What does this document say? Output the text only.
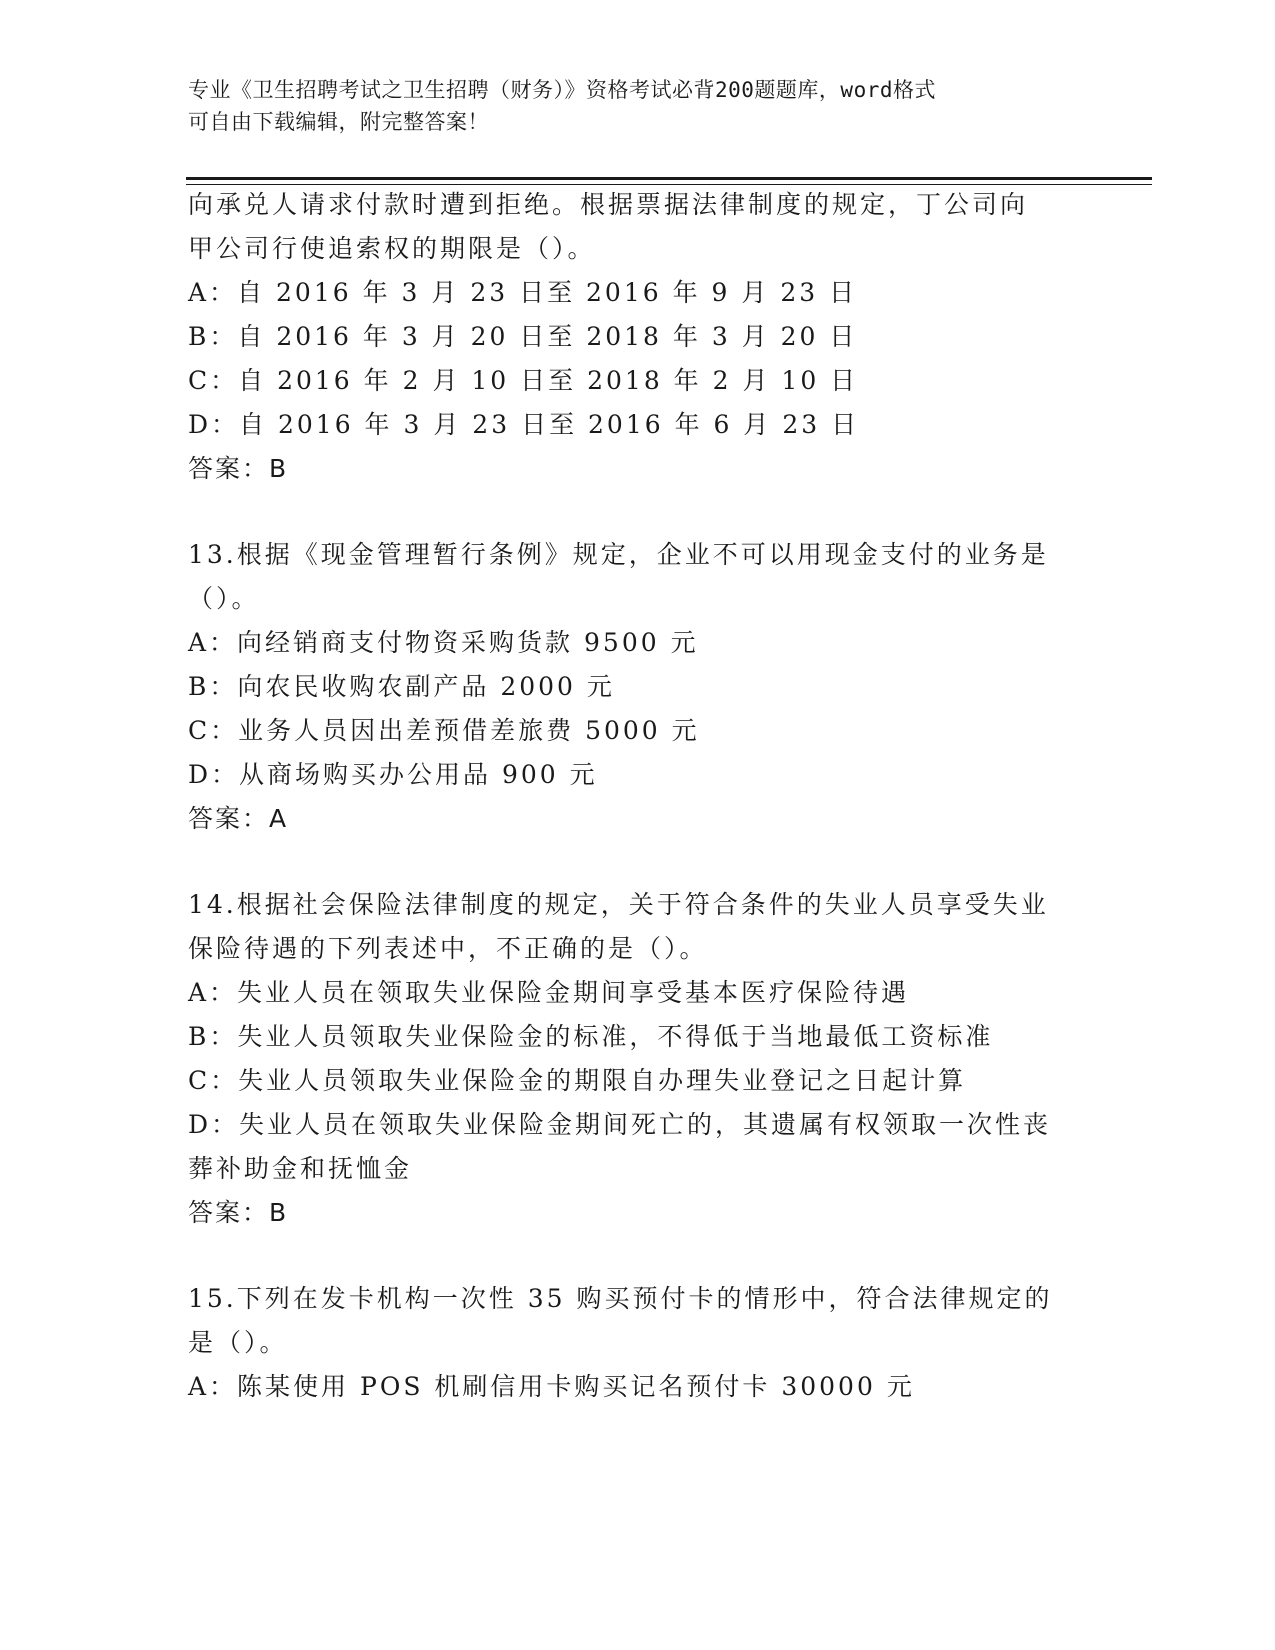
专业《卫生招聘考试之卫生招聘（财务）》资格考试必背200题题库，word格式
可自由下载编辑，附完整答案！
向承兑人请求付款时遭到拒绝。根据票据法律制度的规定，丁公司向
甲公司行使追索权的期限是（）。
A：自 2016 年 3 月 23 日至 2016 年 9 月 23 日
B：自 2016 年 3 月 20 日至 2018 年 3 月 20 日
C：自 2016 年 2 月 10 日至 2018 年 2 月 10 日
D：自 2016 年 3 月 23 日至 2016 年 6 月 23 日
答案：B
13.根据《现金管理暂行条例》规定，企业不可以用现金支付的业务是
（）。
A：向经销商支付物资采购货款 9500 元
B：向农民收购农副产品 2000 元
C：业务人员因出差预借差旅费 5000 元
D：从商场购买办公用品 900 元
答案：A
14.根据社会保险法律制度的规定，关于符合条件的失业人员享受失业
保险待遇的下列表述中，不正确的是（）。
A：失业人员在领取失业保险金期间享受基本医疗保险待遇
B：失业人员领取失业保险金的标准，不得低于当地最低工资标准
C：失业人员领取失业保险金的期限自办理失业登记之日起计算
D：失业人员在领取失业保险金期间死亡的，其遗属有权领取一次性丧
葬补助金和抚恤金
答案：B
15.下列在发卡机构一次性 35 购买预付卡的情形中，符合法律规定的
是（）。
A：陈某使用 POS 机刷信用卡购买记名预付卡 30000 元
